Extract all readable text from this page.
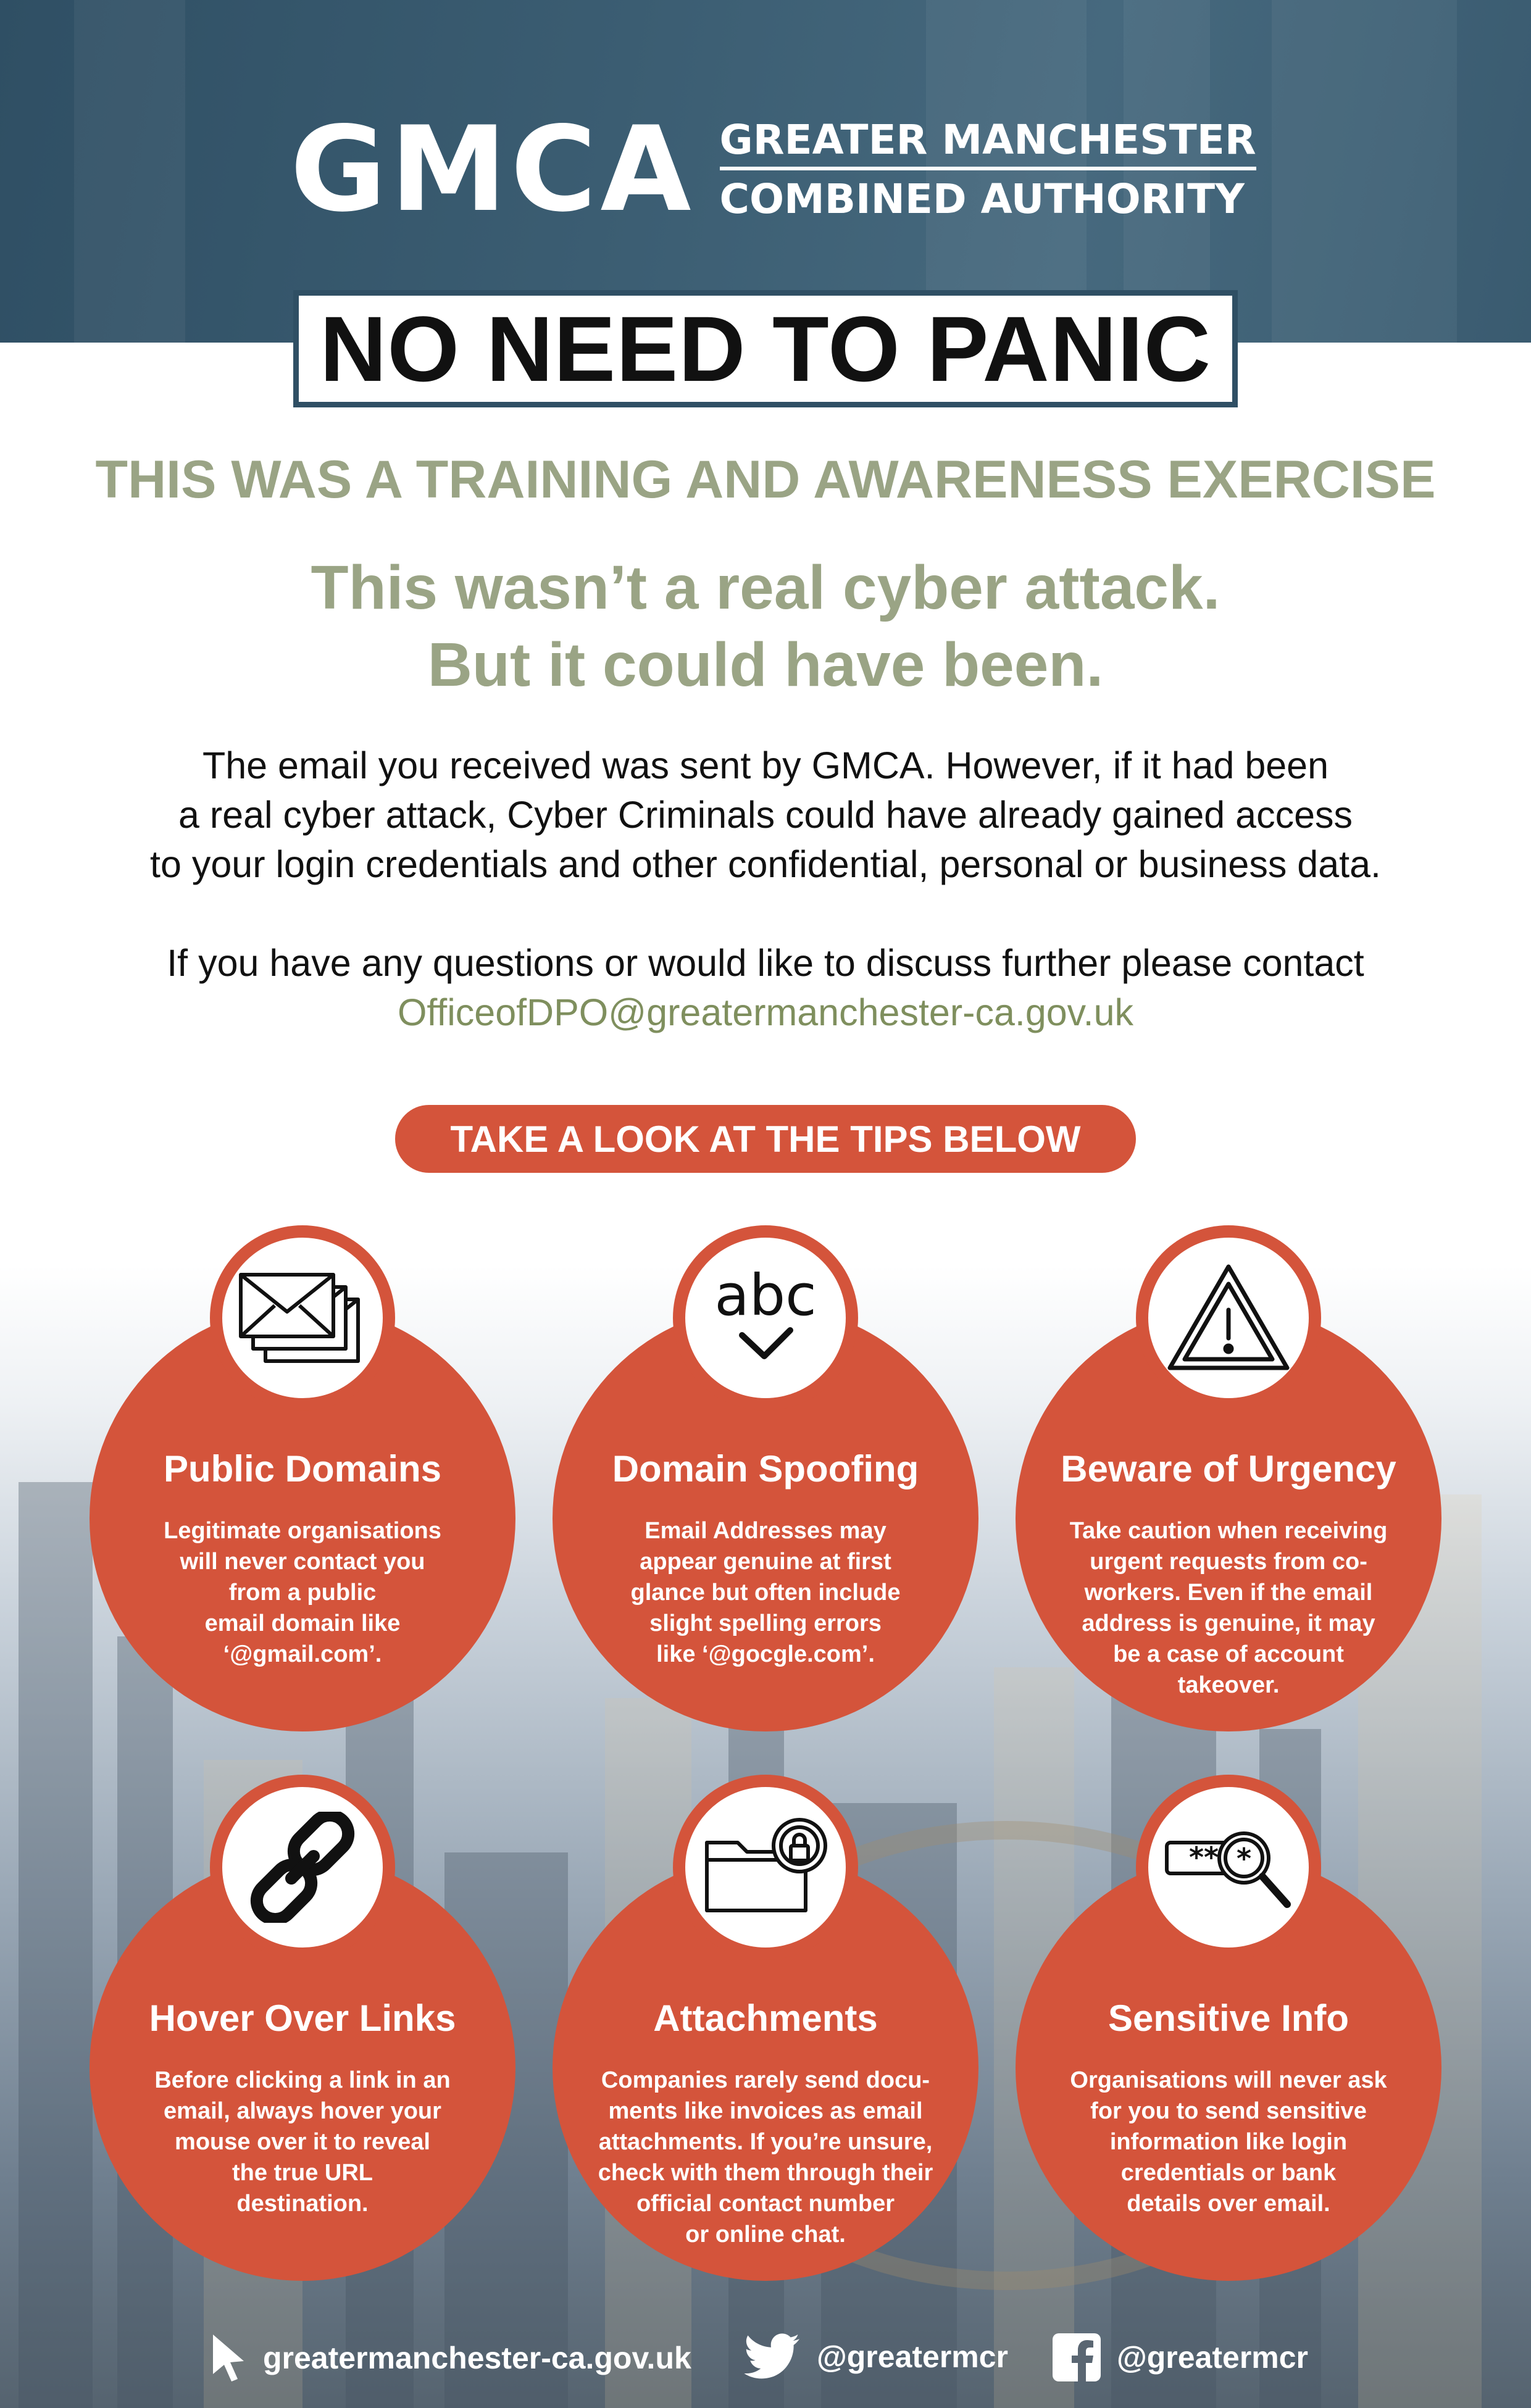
GMCA GREATER MANCHESTER
COMBINED AUTHORITY
NO NEED TO PANIC
THIS WAS A TRAINING AND AWARENESS EXERCISE
This wasn’t a real cyber attack.
But it could have been.
The email you received was sent by GMCA. However, if it had been
a real cyber attack, Cyber Criminals could have already gained access
to your login credentials and other confidential, personal or business data.
If you have any questions or would like to discuss further please contact
OfficeofDPO@greatermanchester-ca.gov.uk
TAKE A LOOK AT THE TIPS BELOW
Public Domains
Legitimate organisations
will never contact you
from a public
email domain like
‘@gmail.com’.
abc
Domain Spoofing
Email Addresses may
appear genuine at first
glance but often include
slight spelling errors
like ‘@gocgle.com’.
Beware of Urgency
Take caution when receiving
urgent requests from co-
workers. Even if the email
address is genuine, it may
be a case of account
takeover.
Hover Over Links
Before clicking a link in an
email, always hover your
mouse over it to reveal
the true URL
destination.
Attachments
Companies rarely send docu-
ments like invoices as email
attachments. If you’re unsure,
check with them through their
official contact number
or online chat.
** *
Sensitive Info
Organisations will never ask
for you to send sensitive
information like login
credentials or bank
details over email.
greatermanchester-ca.gov.uk	@greatermcr	@greatermcr
